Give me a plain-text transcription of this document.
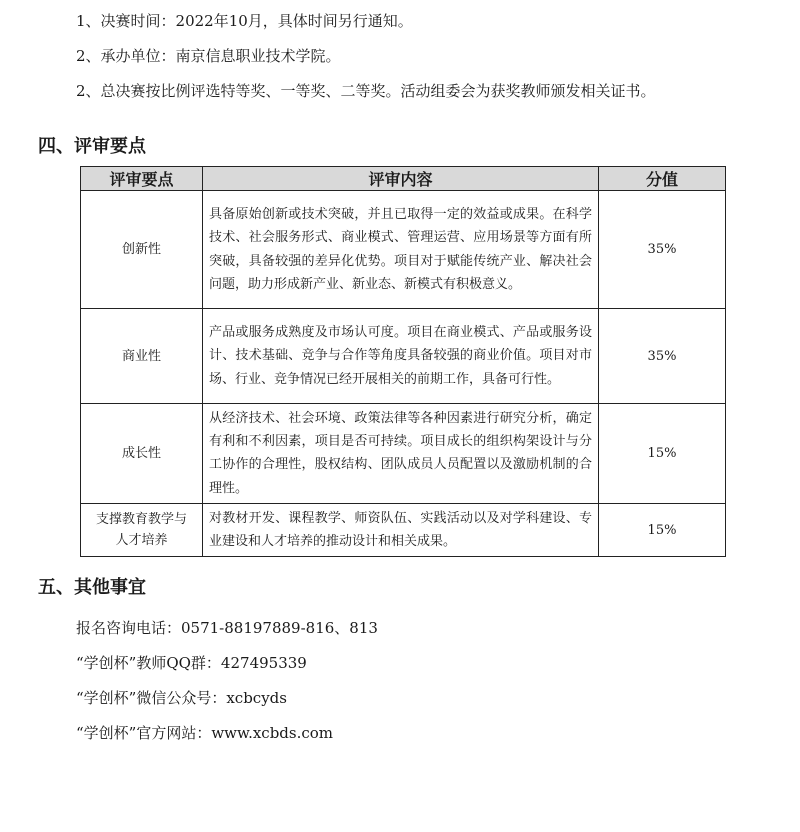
1、决赛时间：2022年10月，具体时间另行通知。
2、承办单位：南京信息职业技术学院。
2、总决赛按比例评选特等奖、一等奖、二等奖。活动组委会为获奖教师颁发相关证书。
四、评审要点
评审要点	评审内容	分值
创新性	具备原始创新或技术突破，并且已取得一定的效益或成果。在科学技术、社会服务形式、商业模式、管理运营、应用场景等方面有所突破，具备较强的差异化优势。项目对于赋能传统产业、解决社会问题，助力形成新产业、新业态、新模式有积极意义。	35%
商业性	产品或服务成熟度及市场认可度。项目在商业模式、产品或服务设计、技术基础、竞争与合作等角度具备较强的商业价值。项目对市场、行业、竞争情况已经开展相关的前期工作，具备可行性。	35%
成长性	从经济技术、社会环境、政策法律等各种因素进行研究分析，确定有利和不利因素，项目是否可持续。项目成长的组织构架设计与分工协作的合理性，股权结构、团队成员人员配置以及激励机制的合理性。	15%
支撑教育教学与人才培养	对教材开发、课程教学、师资队伍、实践活动以及对学科建设、专业建设和人才培养的推动设计和相关成果。	15%
五、其他事宜
报名咨询电话：0571-88197889-816、813
“学创杯”教师QQ群：427495339
“学创杯”微信公众号：xcbcyds
“学创杯”官方网站：www.xcbds.com
